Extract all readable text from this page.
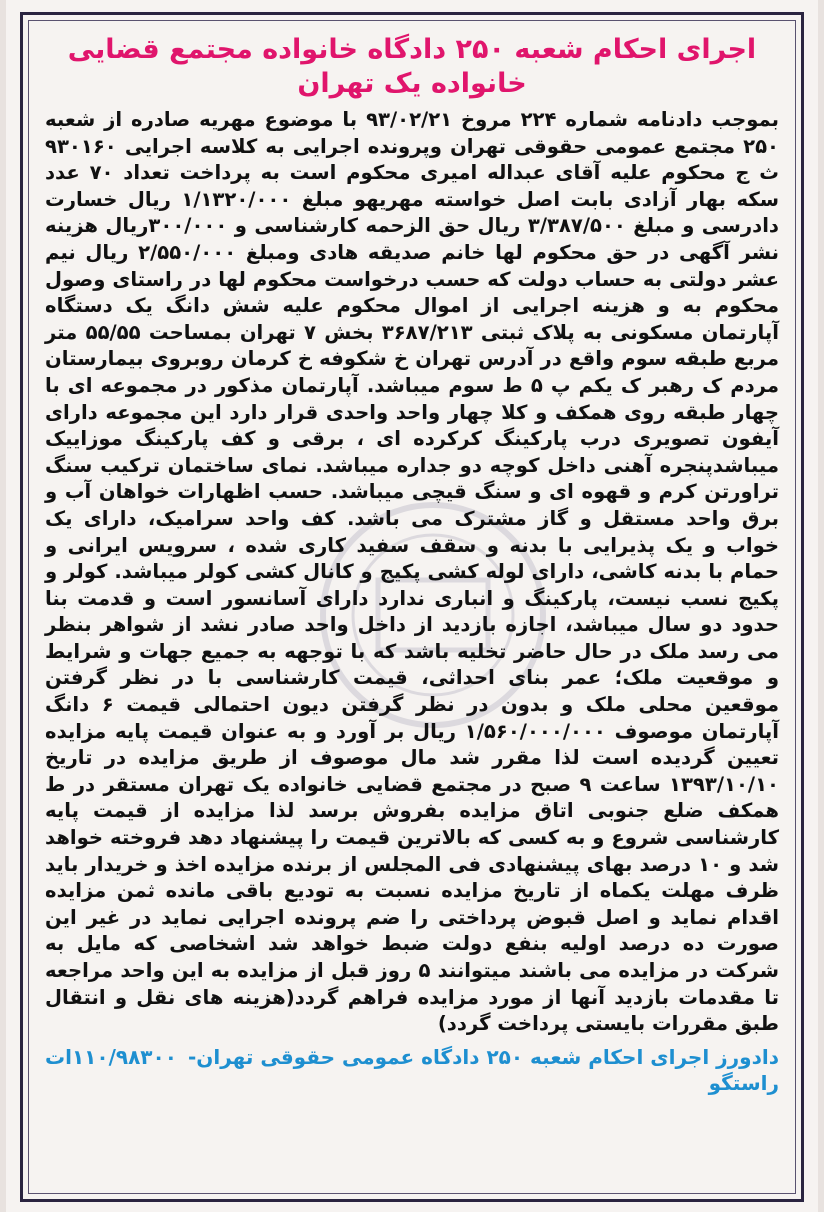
اجرای احکام شعبه ۲۵۰ دادگاه خانواده مجتمع قضایی خانواده یک تهران
بموجب دادنامه شماره ۲۲۴ مروخ ۹۳/۰۲/۲۱ با موضوع مهریه صادره از شعبه ۲۵۰ مجتمع عمومی حقوقی تهران وپرونده اجرایی به کلاسه اجرایی ۹۳۰۱۶۰ ث ج محکوم علیه آقای عبداله امیری محکوم است به پرداخت تعداد ۷۰ عدد سکه بهار آزادی بابت اصل خواسته مهریهو مبلغ ۱/۱۳۲۰/۰۰۰ ریال خسارت دادرسی و مبلغ ۳/۳۸۷/۵۰۰ ریال حق الزحمه کارشناسی و ۳۰۰/۰۰۰ریال هزینه نشر آگهی در حق محکوم لها خانم صدیقه هادی ومبلغ ۲/۵۵۰/۰۰۰ ریال نیم عشر دولتی به حساب دولت که حسب درخواست محکوم لها در راستای وصول محکوم به و هزینه اجرایی از اموال محکوم علیه شش دانگ یک دستگاه آپارتمان مسکونی به پلاک ثبتی ۳۶۸۷/۲۱۳ بخش ۷ تهران بمساحت ۵۵/۵۵ متر مربع طبقه سوم واقع در آدرس تهران خ شکوفه خ کرمان روبروی بیمارستان مردم ک رهبر ک یکم پ ۵ ط سوم میباشد. آپارتمان مذکور در مجموعه ای با چهار طبقه روی همکف و کلا چهار واحد واحدی قرار دارد این مجموعه دارای آیفون تصویری درب پارکینگ کرکرده ای ، برقی و کف پارکینگ موزاییک میباشدپنجره آهنی داخل کوچه دو جداره میباشد. نمای ساختمان ترکیب سنگ تراورتن کرم و قهوه ای و سنگ قیچی میباشد. حسب اظهارات خواهان آب و برق واحد مستقل و گاز مشترک می باشد. کف واحد سرامیک، دارای یک خواب و یک پذیرایی با بدنه و سقف سفید کاری شده ، سرویس ایرانی و حمام با بدنه کاشی، دارای لوله کشی پکیج و کانال کشی کولر میباشد. کولر و پکیج نسب نیست، پارکینگ و انباری ندارد دارای آسانسور است و قدمت بنا حدود دو سال میباشد، اجازه بازدید از داخل واحد صادر نشد از شواهر بنظر می رسد ملک در حال حاضر تخلیه باشد که با توجهه به جمیع جهات و شرایط و موقعیت ملک؛ عمر بنای احداثی، قیمت کارشناسی با در نظر گرفتن موقعین محلی ملک و بدون در نظر گرفتن دیون احتمالی قیمت ۶ دانگ آپارتمان موصوف ۱/۵۶۰/۰۰۰/۰۰۰ ریال بر آورد و به عنوان قیمت پایه مزایده تعیین گردیده است لذا مقرر شد مال موصوف از طریق مزایده در تاریخ ۱۳۹۳/۱۰/۱۰ ساعت ۹ صبح در مجتمع قضایی خانواده یک تهران مستقر در ط همکف ضلع جنوبی اتاق مزایده بفروش برسد لذا مزایده از قیمت پایه کارشناسی شروع و به کسی که بالاترین قیمت را پیشنهاد دهد فروخته خواهد شد و ۱۰ درصد بهای پیشنهادی فی المجلس از برنده مزایده اخذ و خریدار باید ظرف مهلت یکماه از تاریخ مزایده نسبت به تودیع باقی مانده ثمن مزایده اقدام نماید و اصل قبوض پرداختی را ضم پرونده اجرایی نماید در غیر این صورت ده درصد اولیه بنفع دولت ضبط خواهد شد اشخاصی که مایل به شرکت در مزایده می باشند میتوانند ۵ روز قبل از مزایده به این واحد مراجعه تا مقدمات بازدید آنها از مورد مزایده فراهم گردد(هزینه های نقل و انتقال طبق مقررات بایستی پرداخت گردد)
دادورز اجرای احکام شعبه ۲۵۰ دادگاه عمومی حقوقی تهران- راستگو
۱۱۰/۹۸۳۰۰ات
